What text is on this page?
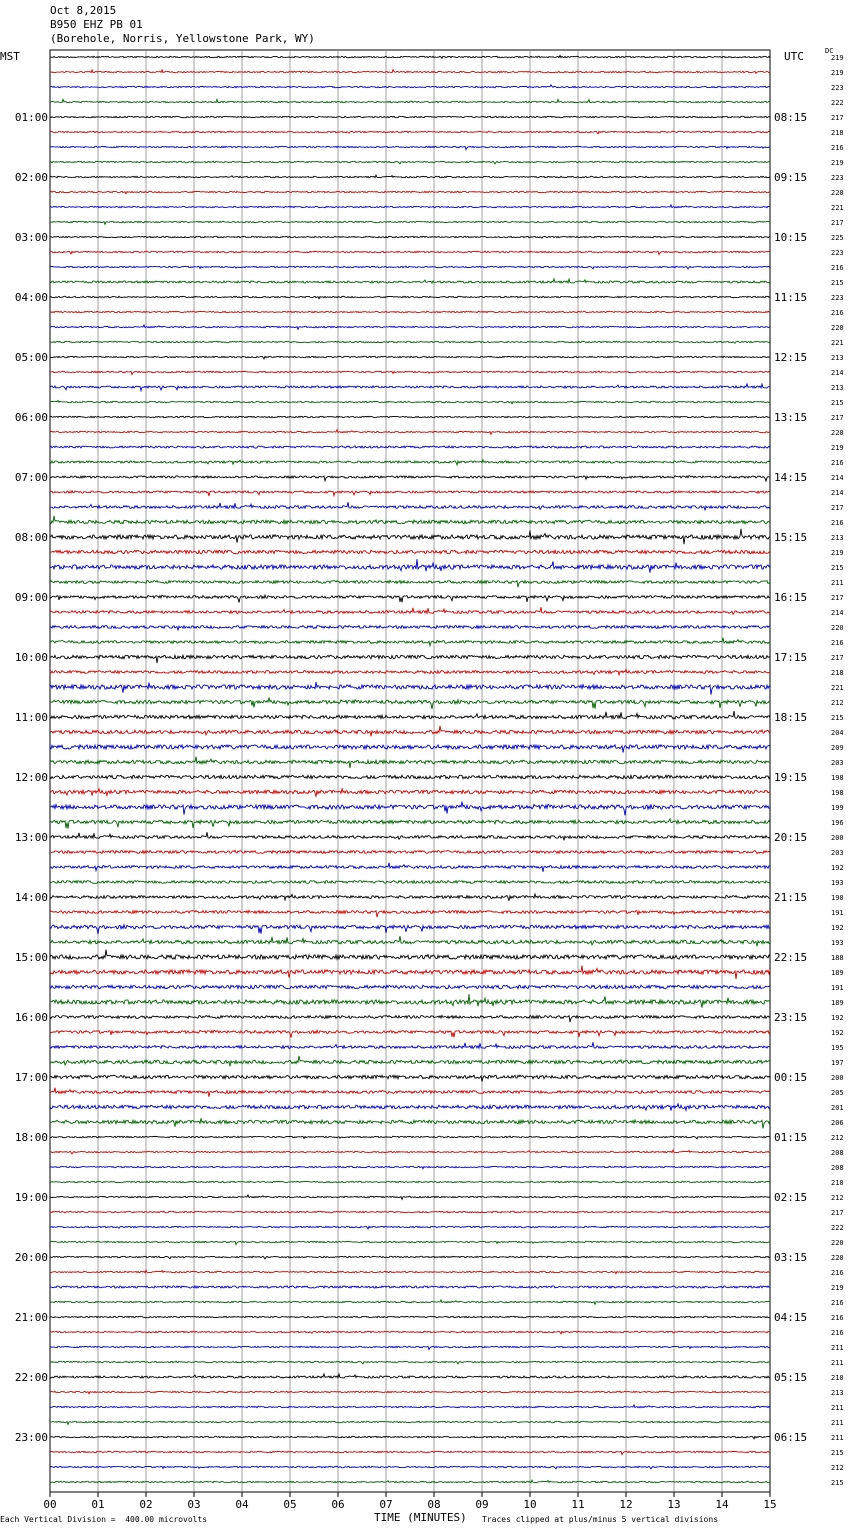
Oct 8,2015
B950 EHZ PB 01
(Borehole, Norris, Yellowstone Park, WY)
MST	UTC	DC
219
219
223
222
217
218
216
219
223
220
221
217
225
223
216
215
223
216
220
221
213
214
213
215
217
220
219
216
214
214
217
216
213
219
215
211
217
214
220
216
217
218
221
212
215
204
209
203
198
198
199
196
200
203
192
193
190
191
192
193
188
189
191
189
192
192
195
197
200
205
201
206
212
208
208
210
212
217
222
220
220
216
219
216
216
216
211
211
210
213
211
211
211
215
212
215
01:00
02:00
03:00
04:00
05:00
06:00
07:00
08:00
09:00
10:00
11:00
12:00
13:00
14:00
15:00
16:00
17:00
18:00
19:00
20:00
21:00
22:00
23:00
08:15
09:15
10:15
11:15
12:15
13:15
14:15
15:15
16:15
17:15
18:15
19:15
20:15
21:15
22:15
23:15
00:15
01:15
02:15
03:15
04:15
05:15
06:15
00	01	02	03	04	05	06	07	08	09	10	11	12	13	14	15
Each Vertical Division =  400.00 microvolts	TIME (MINUTES) Traces clipped at plus/minus 5 vertical divisions
